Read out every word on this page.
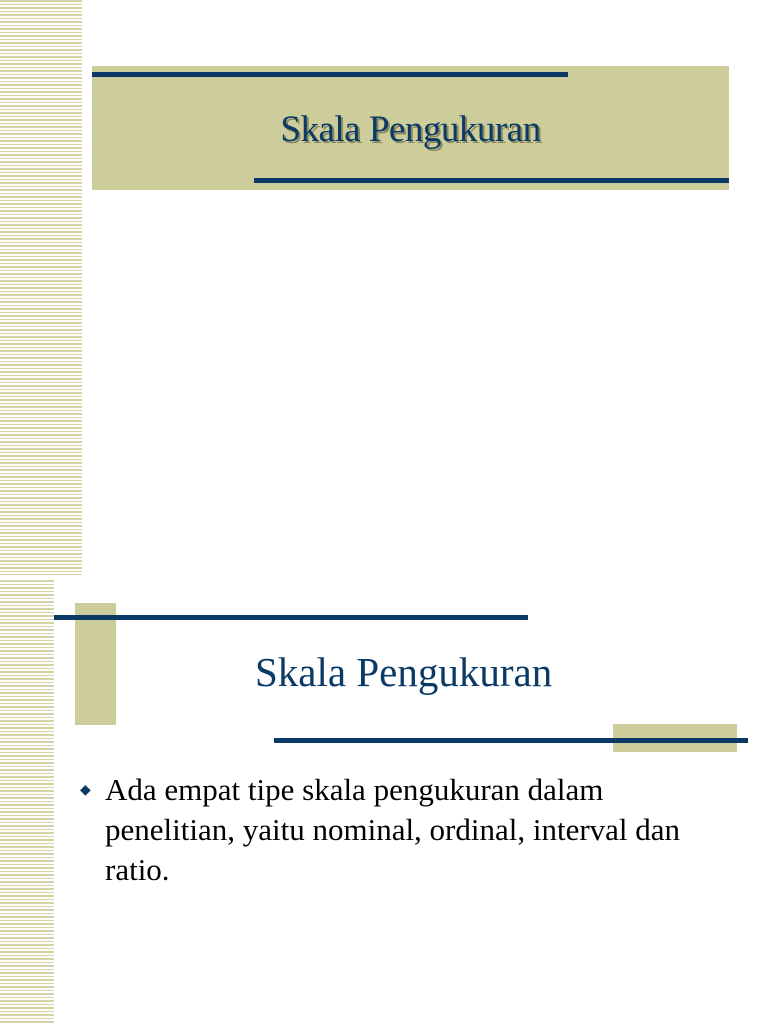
Skala Pengukuran
Skala Pengukuran
◆ Ada empat tipe skala pengukuran dalam penelitian, yaitu nominal, ordinal, interval dan ratio.
